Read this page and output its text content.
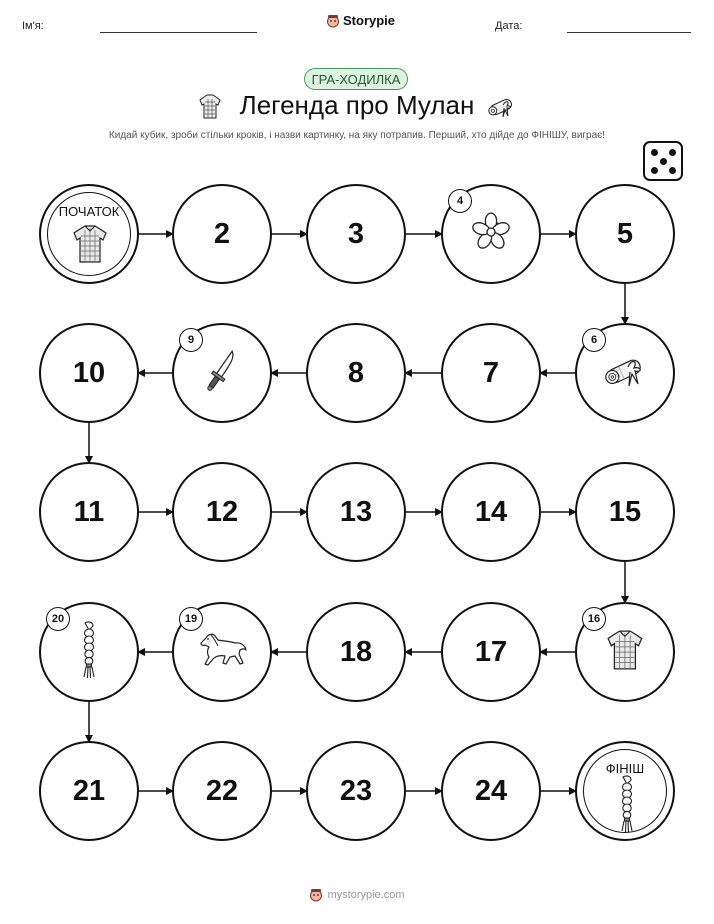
Ім'я:	Storypie	Дата:
ГРА-ХОДИЛКА
Легенда про Мулан
Кидай кубик, зроби стільки кроків, і назви картинку, на яку потрапив. Перший, хто дійде до ФІНІШУ, виграє!
ПОЧАТОК
2	3
4
5
6
7
8
9
10
11	12	13	14	15
16
17
18
19
20
21	22	23	24
ФІНІШ
mystorypie.com
